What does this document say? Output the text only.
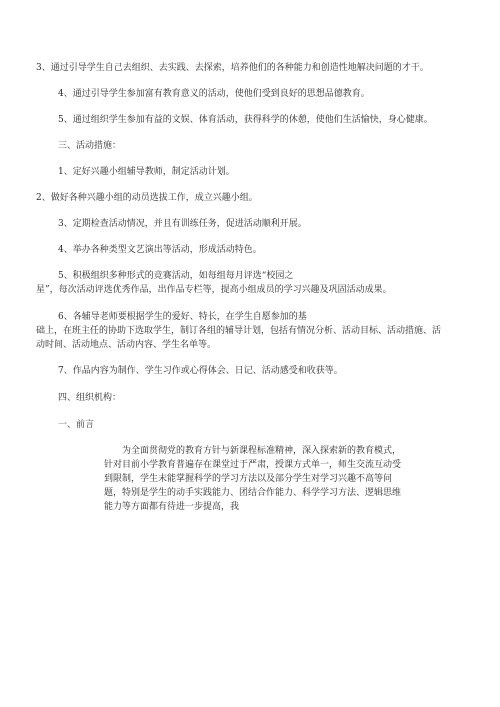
3、通过引导学生自己去组织、去实践、去探索，培养他们的各种能力和创造性地解决问题的才干。
4、通过引导学生参加富有教育意义的活动，使他们受到良好的思想品德教育。
5、通过组织学生参加有益的文娱、体育活动，获得科学的休憩，使他们生活愉快，身心健康。
三、活动措施：
1、定好兴趣小组辅导教师，制定活动计划。
2、做好各种兴趣小组的动员选拔工作，成立兴趣小组。
3、定期检查活动情况，并且有训练任务，促进活动顺利开展。
4、举办各种类型文艺演出等活动，形成活动特色。
5、积极组织多种形式的竞赛活动，如每组每月评选“校园之
星”，每次活动评选优秀作品，出作品专栏等，提高小组成员的学习兴趣及巩固活动成果。
6、各辅导老师要根据学生的爱好、特长，在学生自愿参加的基
础上，在班主任的协助下选取学生，制订各组的辅导计划，包括有情况分析、活动目标、活动措施、活
动时间、活动地点、活动内容、学生名单等。
7、作品内容为制作、学生习作或心得体会、日记、活动感受和收获等。
四、组织机构：
一、前言
为全面贯彻党的教育方针与新课程标准精神，深入探索新的教育模式，针对目前小学教育普遍存在课堂过于严肃，授课方式单一，师生交流互动受到限制，学生未能掌握科学的学习方法以及部分学生对学习兴趣不高等问题，特别是学生的动手实践能力、团结合作能力、科学学习方法、逻辑思维能力等方面都有待进一步提高，我
